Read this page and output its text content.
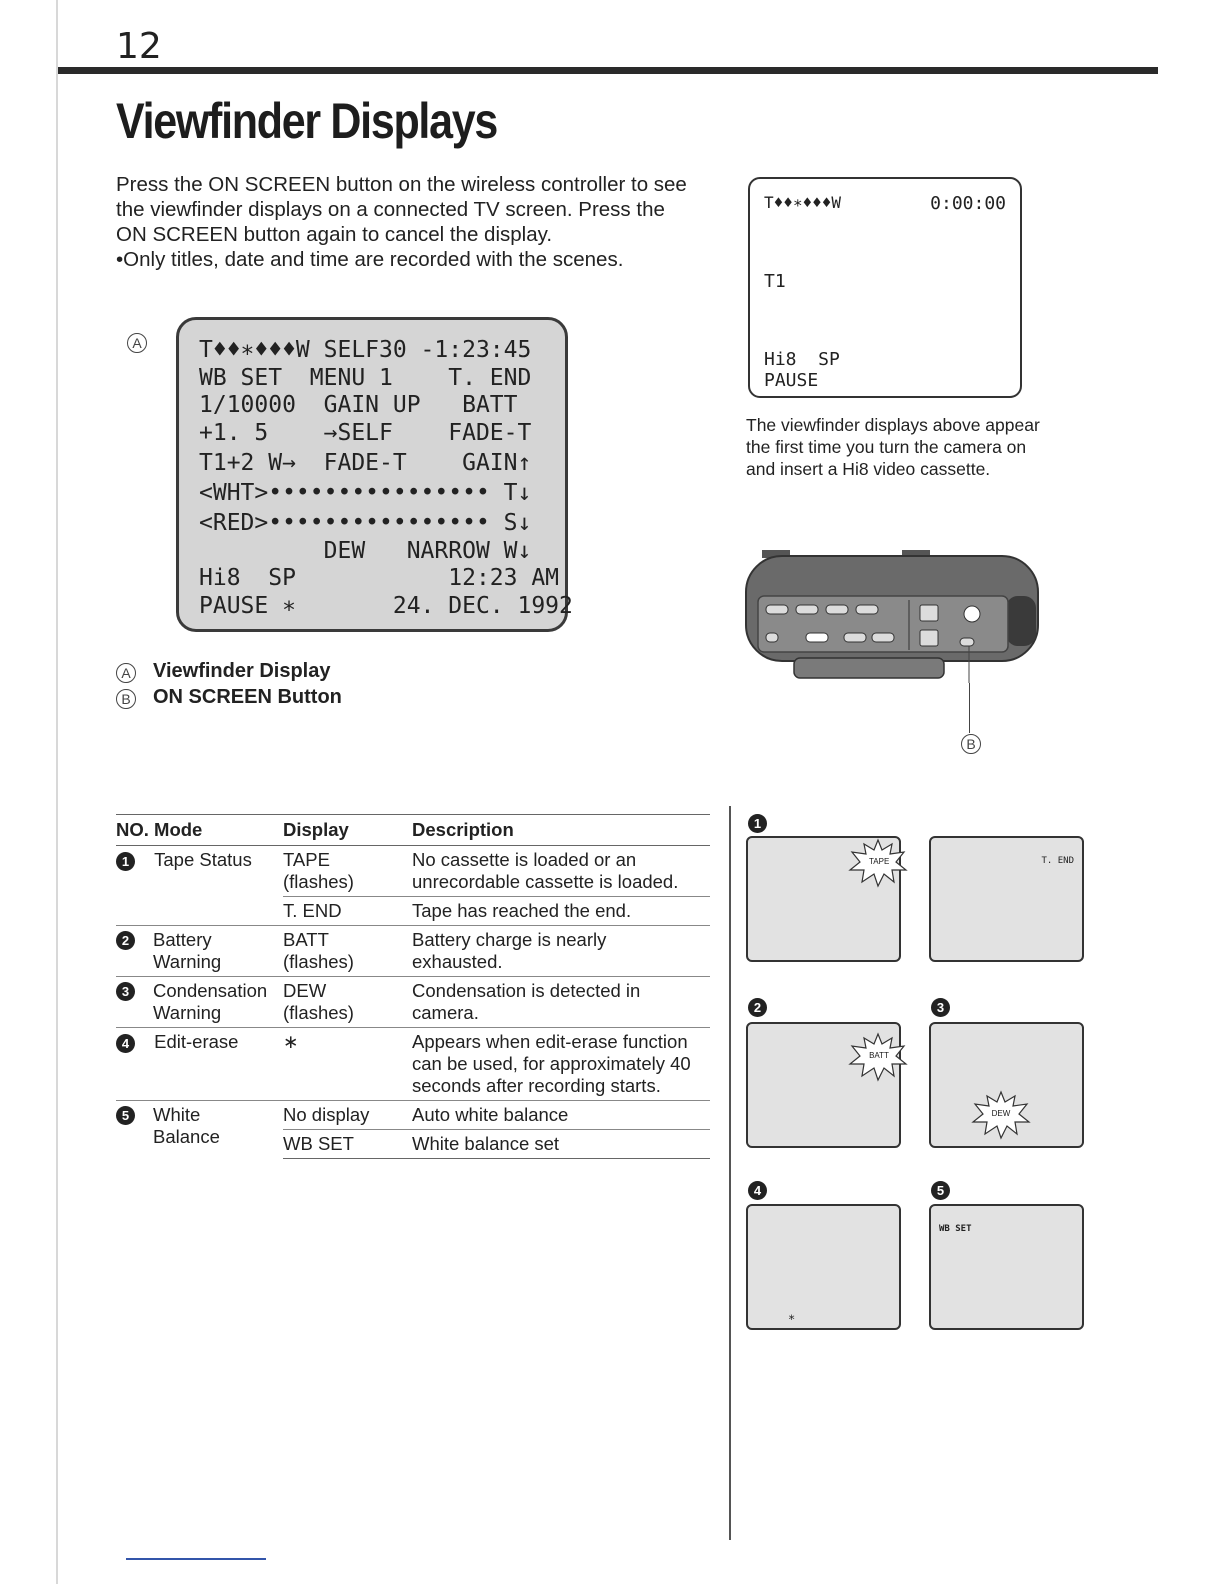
12
Viewfinder Displays

Press the ON SCREEN button on the wireless controller to see

the viewfinder displays on a connected TV screen. Press the

ON SCREEN button again to cancel the display.

•Only titles, date and time are recorded with the scenes.

A T♦♦∗♦♦♦W SELF30 -1:23:45
WB SET  MENU 1    T. END
1/10000  GAIN UP   BATT
+1. 5    →SELF    FADE-T
T1+2 W→  FADE-T    GAIN↑
<WHT>•••••••••••••••• T↓
<RED>•••••••••••••••• S↓
DEW   NARROW W↓
Hi8  SP           12:23 AM
PAUSE ∗       24. DEC. 1992
A Viewfinder Display
B ON SCREEN Button
T♦♦∗♦♦♦W	0:00:00
T1
Hi8  SP
PAUSE
The viewfinder displays above appear the first time you turn the camera on and insert a Hi8 video cassette.
B
NO. Mode	Display	Description
1 Tape Status	TAPE (flashes)	No cassette is loaded or an unrecordable cassette is loaded.
	T. END	Tape has reached the end.

2 Battery Warning	BATT (flashes)	Battery charge is nearly exhausted.

3 Condensation Warning	DEW (flashes)	Condensation is detected in camera.
4 Edit-erase	∗	Appears when edit-erase function can be used, for approximately 40 seconds after recording starts.

5 White Balance	No display	Auto white balance
	WB SET	White balance set
1
TAPE	T. END
2	3
BATT
DEW
4	5
∗
WB SET
